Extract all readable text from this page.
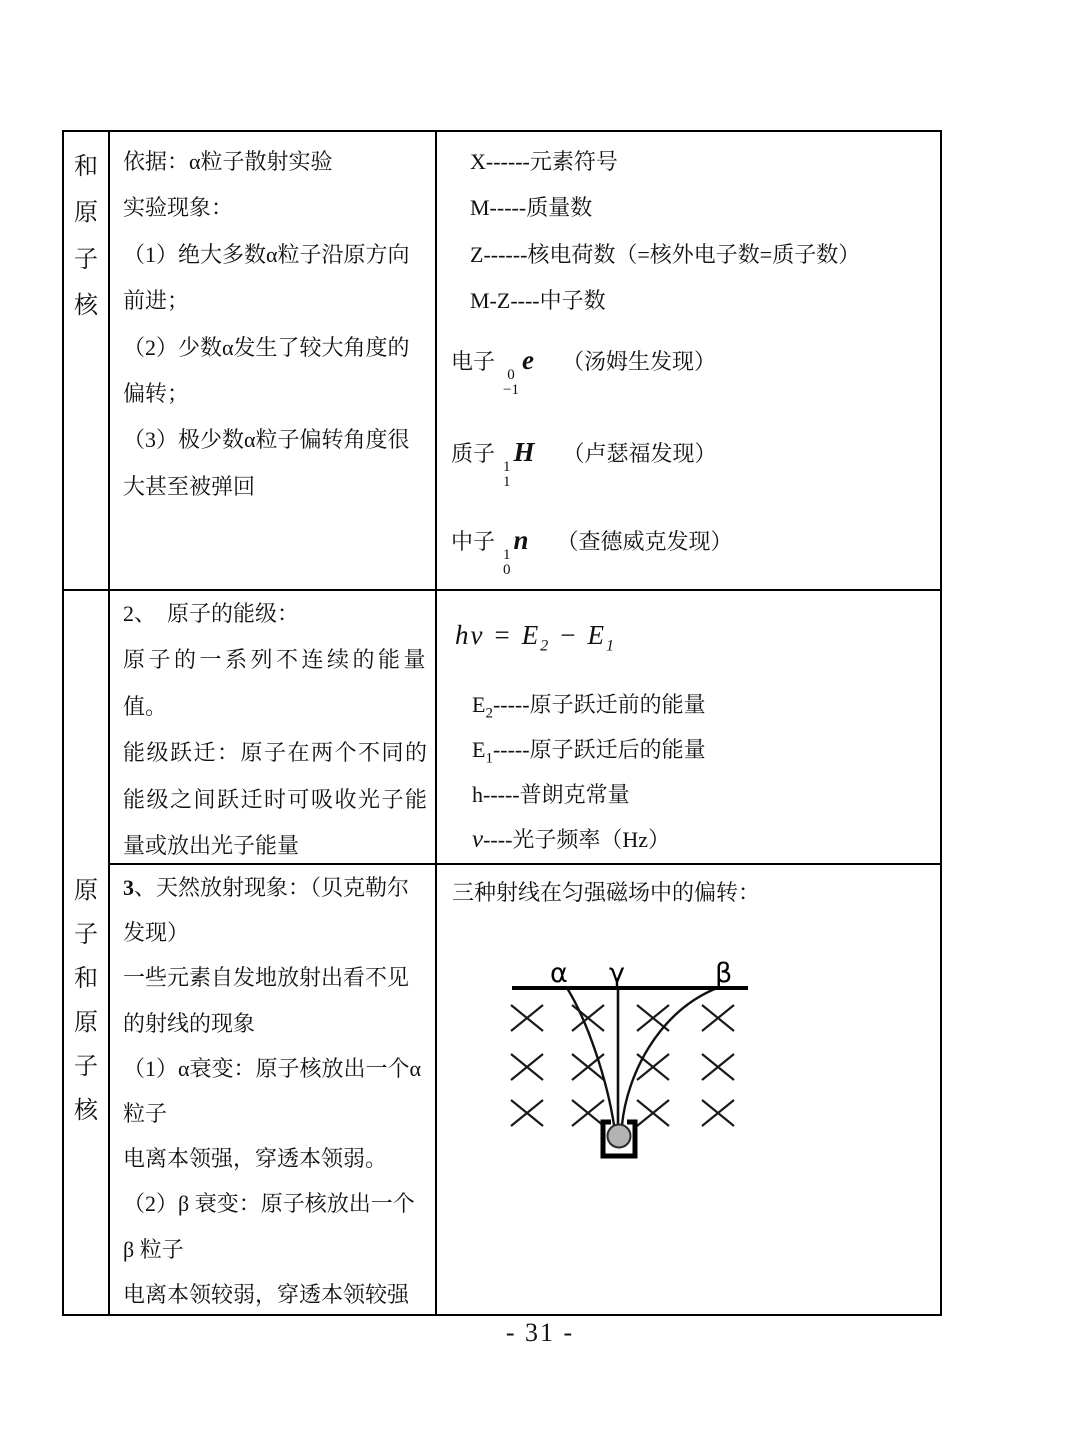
和
原
子
核
依据：α粒子散射实验
实验现象：
（1）绝大多数α粒子沿原方向
前进；
（2）少数α发生了较大角度的
偏转；
（3）极少数α粒子偏转角度很
大甚至被弹回
X------元素符号
M-----质量数
Z------核电荷数（=核外电子数=质子数）
M-Z----中子数
电子
0
−1
e （汤姆生发现）
质子
1
1
H （卢瑟福发现）
中子
1
0
n （查德威克发现）
原
子
和
原
子
核
2、　原子的能级：
原子的一系列不连续的能量
值。
能级跃迁：原子在两个不同的
能级之间跃迁时可吸收光子能
量或放出光子能量
$h\nu = E_2 - E_1$
$E_2-----$原子跃迁前的能量
$E_1-----$原子跃迁后的能量
h-----普朗克常量
ν----光子频率（Hz）
3、天然放射现象：（贝克勒尔
发现）
一些元素自发地放射出看不见
的射线的现象
（1）α衰变：原子核放出一个α
粒子
电离本领强，穿透本领弱。
（2）β 衰变：原子核放出一个
β 粒子
电离本领较弱，穿透本领较强
三种射线在匀强磁场中的偏转：
α γ	β
- 31 -
